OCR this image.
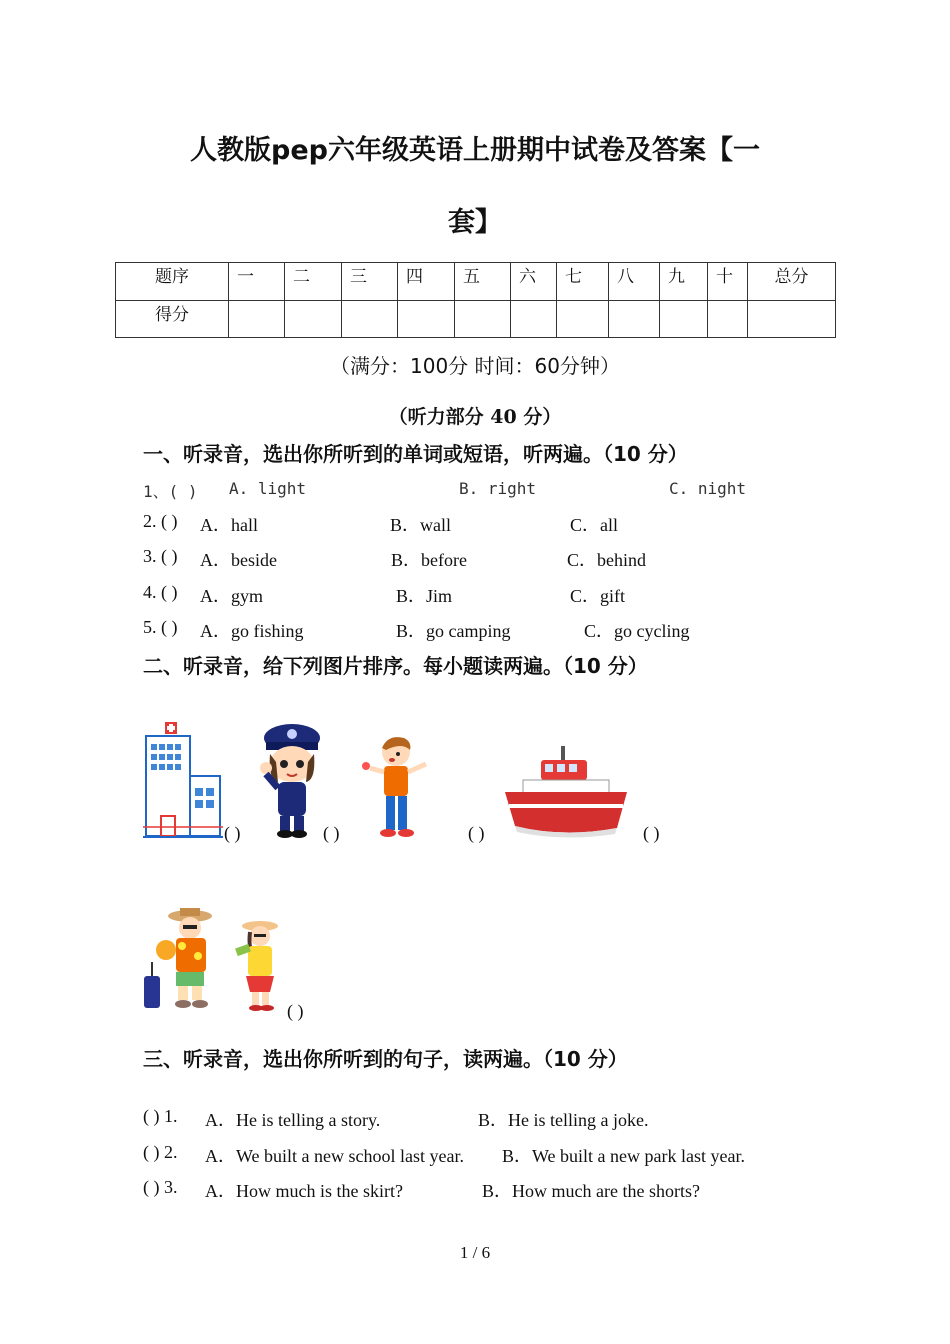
人教版pep六年级英语上册期中试卷及答案【一
套】
题序	一	二	三	四	五	六	七	八	九	十	总分
得分											
（满分：100分 时间：60分钟）
（听力部分 40 分）
一、听录音，选出你所听到的单词或短语，听两遍。（10 分）
1、( ) A. light	B. right	C. night
2. ( ) A．hall	B．wall	C．all
3. ( ) A．beside	B．before	C．behind
4. ( ) A．gym	B．Jim	C．gift
5. ( ) A．go fishing	B．go camping	C．go cycling
二、听录音，给下列图片排序。每小题读两遍。（10 分）
( )	( )	( )	( )
( )
三、听录音，选出你所听到的句子，读两遍。（10 分）
( ) 1. A．He is telling a story.	B．He is telling a joke.
( ) 2. A．We built a new school last year. B．We built a new park last year.
( ) 3. A．How much is the skirt?	B．How much are the shorts?
1 / 6
